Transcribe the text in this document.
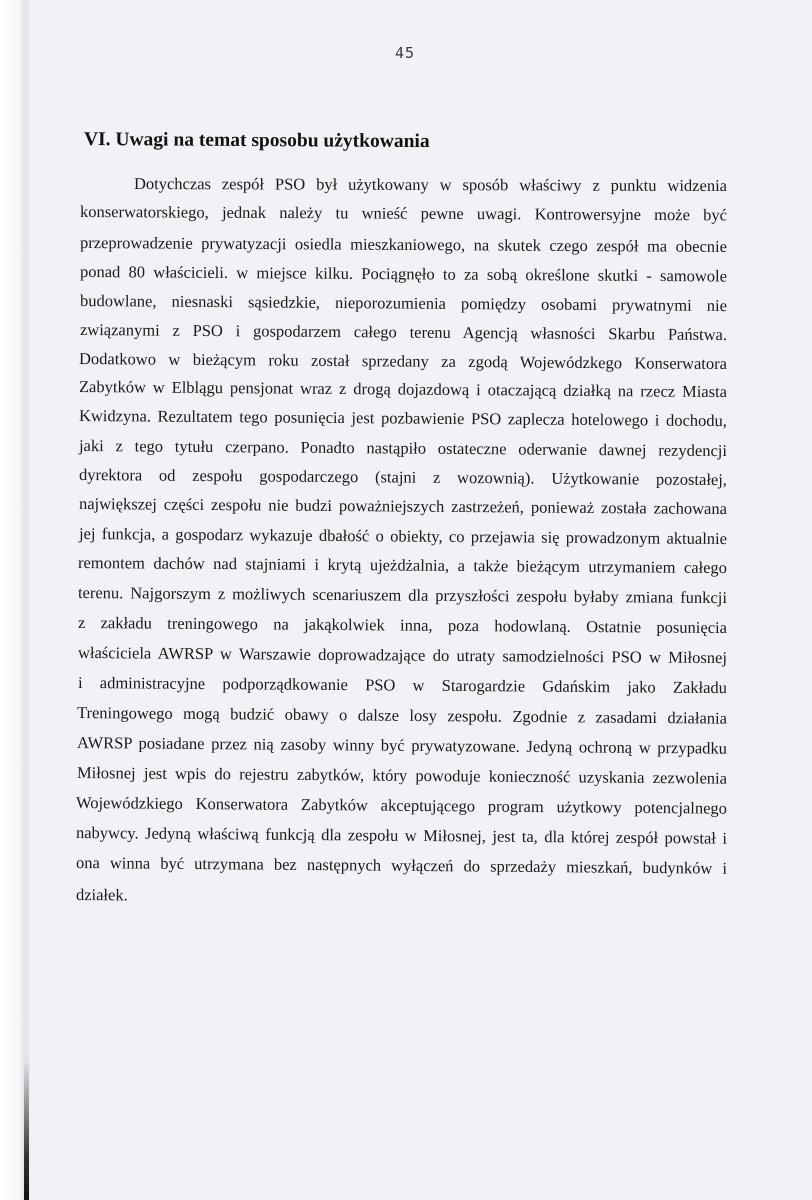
45
VI. Uwagi na temat sposobu użytkowania
Dotychczas zespół PSO był użytkowany w sposób właściwy z punktu widzenia
konserwatorskiego, jednak należy tu wnieść pewne uwagi. Kontrowersyjne może być
przeprowadzenie prywatyzacji osiedla mieszkaniowego, na skutek czego zespół ma obecnie
ponad 80 właścicieli. w miejsce kilku. Pociągnęło to za sobą określone skutki - samowole
budowlane, niesnaski sąsiedzkie, nieporozumienia pomiędzy osobami prywatnymi nie
związanymi z PSO i gospodarzem całego terenu Agencją własności Skarbu Państwa.
Dodatkowo w bieżącym roku został sprzedany za zgodą Wojewódzkego Konserwatora
Zabytków w Elblągu pensjonat wraz z drogą dojazdową i otaczającą działką na rzecz Miasta
Kwidzyna. Rezultatem tego posunięcia jest pozbawienie PSO zaplecza hotelowego i dochodu,
jaki z tego tytułu czerpano. Ponadto nastąpiło ostateczne oderwanie dawnej rezydencji
dyrektora od zespołu gospodarczego (stajni z wozownią). Użytkowanie pozostałej,
największej części zespołu nie budzi poważniejszych zastrzeżeń, ponieważ została zachowana
jej funkcja, a gospodarz wykazuje dbałość o obiekty, co przejawia się prowadzonym aktualnie
remontem dachów nad stajniami i krytą ujeżdżalnia, a także bieżącym utrzymaniem całego
terenu. Najgorszym z możliwych scenariuszem dla przyszłości zespołu byłaby zmiana funkcji
z zakładu treningowego na jakąkolwiek inna, poza hodowlaną. Ostatnie posunięcia
właściciela AWRSP w Warszawie doprowadzające do utraty samodzielności PSO w Miłosnej
i administracyjne podporządkowanie PSO w Starogardzie Gdańskim jako Zakładu
Treningowego mogą budzić obawy o dalsze losy zespołu. Zgodnie z zasadami działania
AWRSP posiadane przez nią zasoby winny być prywatyzowane. Jedyną ochroną w przypadku
Miłosnej jest wpis do rejestru zabytków, który powoduje konieczność uzyskania zezwolenia
Wojewódzkiego Konserwatora Zabytków akceptującego program użytkowy potencjalnego
nabywcy. Jedyną właściwą funkcją dla zespołu w Miłosnej, jest ta, dla której zespół powstał i
ona winna być utrzymana bez następnych wyłączeń do sprzedaży mieszkań, budynków i
działek.
